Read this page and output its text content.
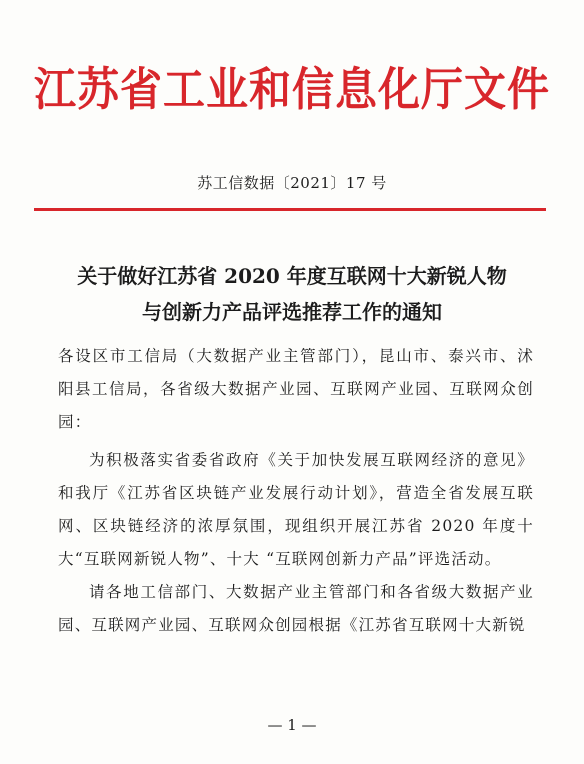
江苏省工业和信息化厅文件
苏工信数据〔2021〕17 号
关于做好江苏省 2020 年度互联网十大新锐人物
与创新力产品评选推荐工作的通知
各设区市工信局（大数据产业主管部门），昆山市、泰兴市、沭阳县工信局，各省级大数据产业园、互联网产业园、互联网众创园：
为积极落实省委省政府《关于加快发展互联网经济的意见》和我厅《江苏省区块链产业发展行动计划》，营造全省发展互联网、区块链经济的浓厚氛围，现组织开展江苏省 2020 年度十大“互联网新锐人物”、十大 “互联网创新力产品”评选活动。
请各地工信部门、大数据产业主管部门和各省级大数据产业园、互联网产业园、互联网众创园根据《江苏省互联网十大新锐
— 1 —
